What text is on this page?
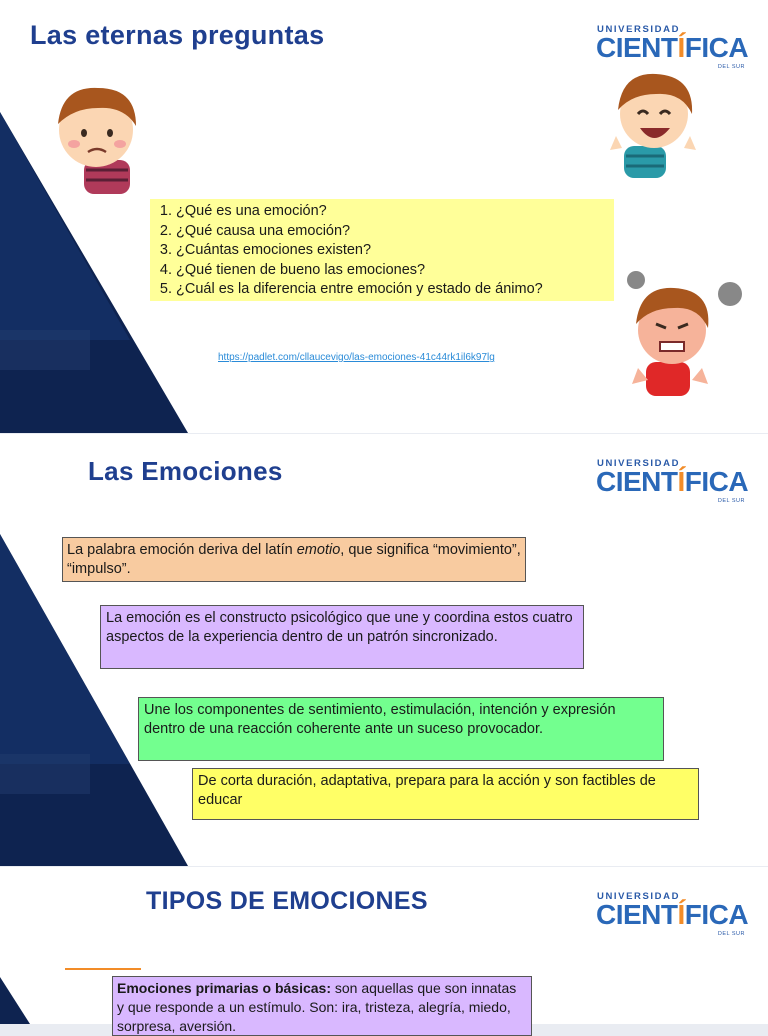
Las eternas preguntas	UNIVERSIDAD
CIENTÍFICA
DEL SUR
1. ¿Qué es una emoción?
2. ¿Qué causa una emoción?
3. ¿Cuántas emociones existen?
4. ¿Qué tienen de bueno las emociones?
5. ¿Cuál es la diferencia entre emoción y estado de ánimo?
https://padlet.com/cllaucevigo/las-emociones-41c44rk1il6k97lg
Las Emociones	UNIVERSIDAD
CIENTÍFICA
DEL SUR
La palabra emoción deriva del latín emotio, que significa “movimiento”, “impulso”.
La emoción es el constructo psicológico que une y coordina estos cuatro aspectos de la experiencia dentro de un patrón sincronizado.
Une los componentes de sentimiento, estimulación, intención y expresión dentro de una reacción coherente ante un suceso provocador.
De corta duración, adaptativa, prepara para la acción y son factibles de educar
TIPOS DE EMOCIONES	UNIVERSIDAD
CIENTÍFICA
DEL SUR
Emociones primarias o básicas: son aquellas que son innatas y que responde a un estímulo. Son: ira, tristeza, alegría, miedo, sorpresa, aversión.
